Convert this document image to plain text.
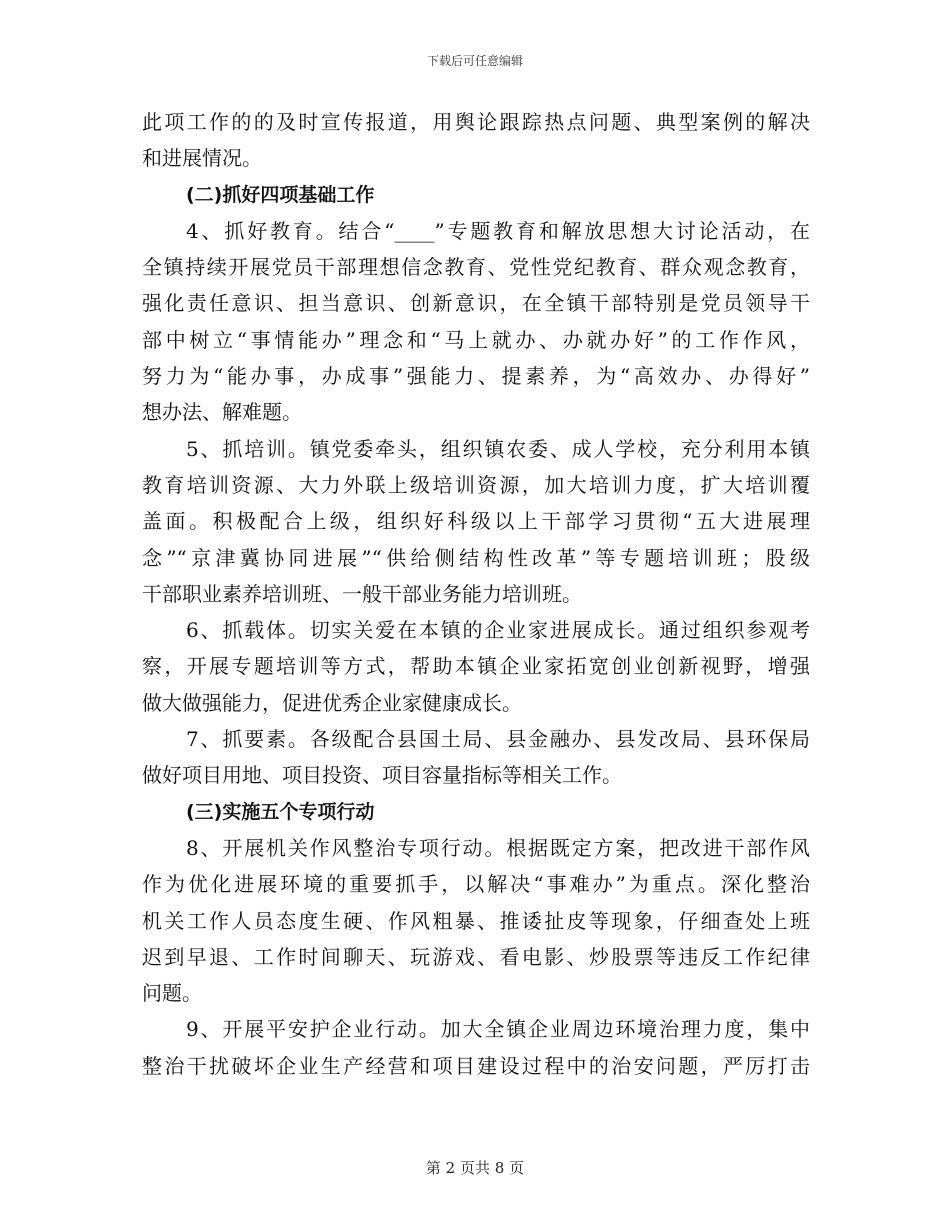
下载后可任意编辑
此项工作的的及时宣传报道，用舆论跟踪热点问题、典型案例的解决
和进展情况。
(二)抓好四项基础工作
4、抓好教育。结合“____”专题教育和解放思想大讨论活动，在
全镇持续开展党员干部理想信念教育、党性党纪教育、群众观念教育，
强化责任意识、担当意识、创新意识，在全镇干部特别是党员领导干
部中树立“事情能办”理念和“马上就办、办就办好”的工作作风，
努力为“能办事，办成事”强能力、提素养，为“高效办、办得好”
想办法、解难题。
5、抓培训。镇党委牵头，组织镇农委、成人学校，充分利用本镇
教育培训资源、大力外联上级培训资源，加大培训力度，扩大培训覆
盖面。积极配合上级，组织好科级以上干部学习贯彻“五大进展理
念”“京津冀协同进展”“供给侧结构性改革”等专题培训班；股级
干部职业素养培训班、一般干部业务能力培训班。
6、抓载体。切实关爱在本镇的企业家进展成长。通过组织参观考
察，开展专题培训等方式，帮助本镇企业家拓宽创业创新视野，增强
做大做强能力，促进优秀企业家健康成长。
7、抓要素。各级配合县国土局、县金融办、县发改局、县环保局
做好项目用地、项目投资、项目容量指标等相关工作。
(三)实施五个专项行动
8、开展机关作风整治专项行动。根据既定方案，把改进干部作风
作为优化进展环境的重要抓手，以解决“事难办”为重点。深化整治
机关工作人员态度生硬、作风粗暴、推诿扯皮等现象，仔细查处上班
迟到早退、工作时间聊天、玩游戏、看电影、炒股票等违反工作纪律
问题。
9、开展平安护企业行动。加大全镇企业周边环境治理力度，集中
整治干扰破坏企业生产经营和项目建设过程中的治安问题，严厉打击
第 2 页共 8 页
